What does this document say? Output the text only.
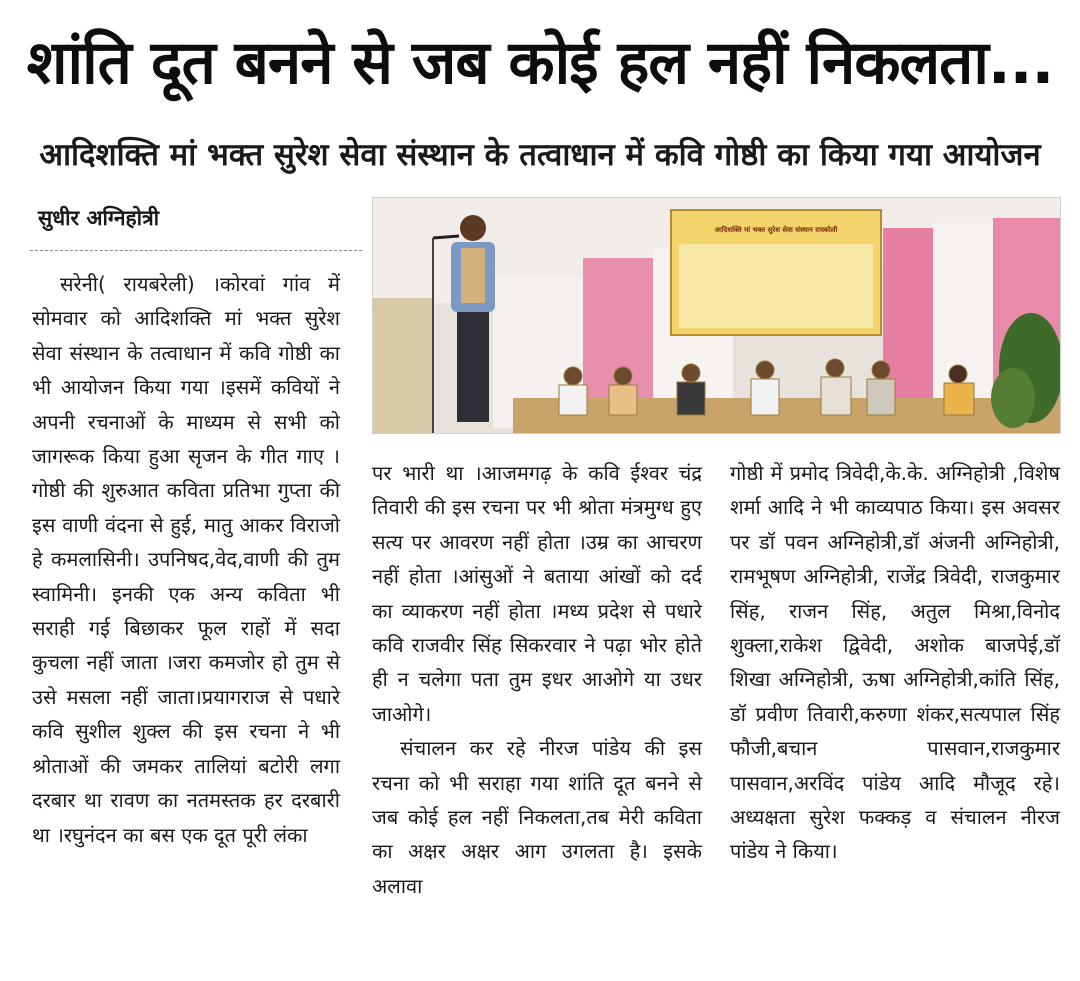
शांति दूत बनने से जब कोई हल नहीं निकलता...
आदिशक्ति मां भक्त सुरेश सेवा संस्थान के तत्वाधान में कवि गोष्ठी का किया गया आयोजन
सुधीर अग्निहोत्री	आदिशक्ति मां भक्त सुरेश सेवा संस्थान रायबरेली
सरेनी( रायबरेली) ।कोरवां गांव में सोमवार को आदिशक्ति मां भक्त सुरेश सेवा संस्थान के तत्वाधान में कवि गोष्ठी का भी आयोजन किया गया ।इसमें कवियों ने अपनी रचनाओं के माध्यम से सभी को जागरूक किया हुआ सृजन के गीत गाए ।गोष्ठी की शुरुआत कविता प्रतिभा गुप्ता की इस वाणी वंदना से हुई, मातु आकर विराजो हे कमलासिनी। उपनिषद,वेद,वाणी की तुम स्वामिनी। इनकी एक अन्य कविता भी सराही गई बिछाकर फूल राहों में सदा कुचला नहीं जाता ।जरा कमजोर हो तुम से उसे मसला नहीं जाता।प्रयागराज से पधारे कवि सुशील शुक्ल की इस रचना ने भी श्रोताओं की जमकर तालियां बटोरी लगा दरबार था रावण का नतमस्तक हर दरबारी था ।रघुनंदन का बस एक दूत पूरी लंका
पर भारी था ।आजमगढ़ के कवि ईश्वर चंद्र तिवारी की इस रचना पर भी श्रोता मंत्रमुग्ध हुए सत्य पर आवरण नहीं होता ।उम्र का आचरण नहीं होता ।आंसुओं ने बताया आंखों को दर्द का व्याकरण नहीं होता ।मध्य प्रदेश से पधारे कवि राजवीर सिंह सिकरवार ने पढ़ा भोर होते ही न चलेगा पता तुम इधर आओगे या उधर जाओगे।
संचालन कर रहे नीरज पांडेय की इस रचना को भी सराहा गया शांति दूत बनने से जब कोई हल नहीं निकलता,तब मेरी कविता का अक्षर अक्षर आग उगलता है। इसके अलावा
गोष्ठी में प्रमोद त्रिवेदी,के.के. अग्निहोत्री ,विशेष शर्मा आदि ने भी काव्यपाठ किया। इस अवसर पर डॉ पवन अग्निहोत्री,डॉ अंजनी अग्निहोत्री, रामभूषण अग्निहोत्री, राजेंद्र त्रिवेदी, राजकुमार सिंह, राजन सिंह, अतुल मिश्रा,विनोद शुक्ला,राकेश द्विवेदी, अशोक बाजपेई,डॉ शिखा अग्निहोत्री, ऊषा अग्निहोत्री,कांति सिंह, डॉ प्रवीण तिवारी,करुणा शंकर,सत्यपाल सिंह फौजी,बचान पासवान,राजकुमार पासवान,अरविंद पांडेय आदि मौजूद रहे।अध्यक्षता सुरेश फक्कड़ व संचालन नीरज पांडेय ने किया।
